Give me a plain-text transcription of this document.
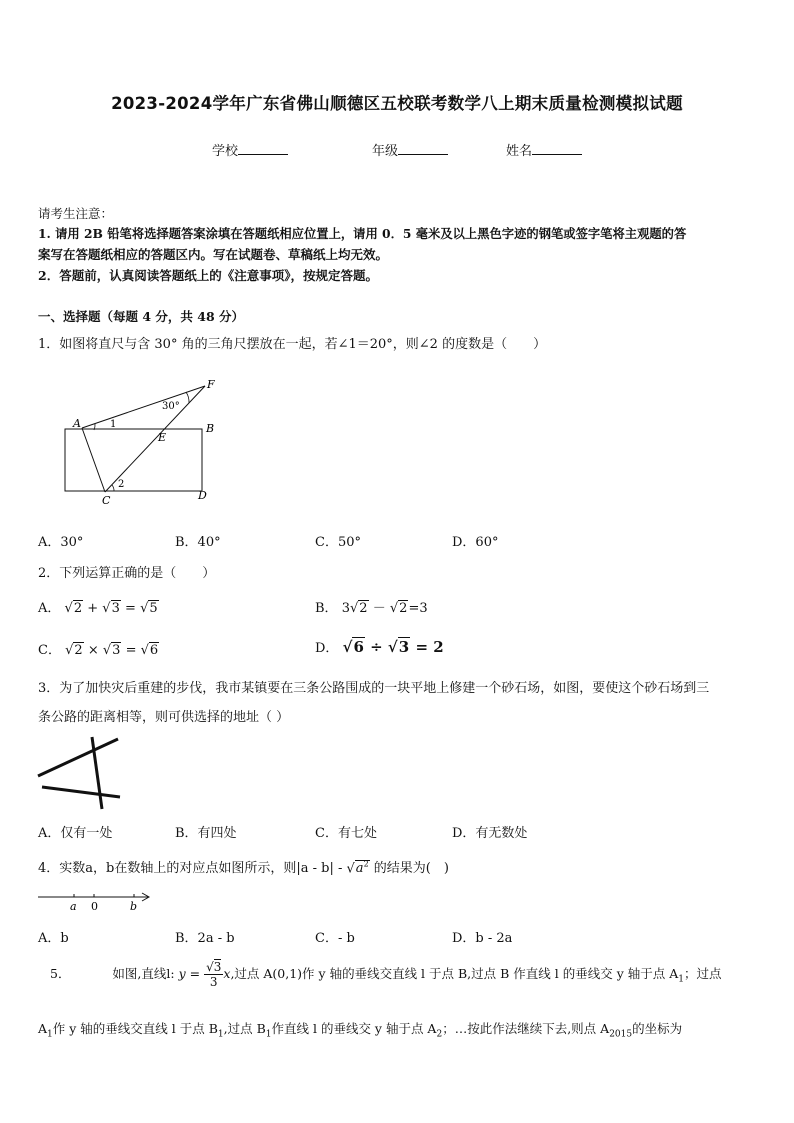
2023-2024学年广东省佛山顺德区五校联考数学八上期末质量检测模拟试题
学校	年级	姓名
请考生注意：
1. 请用 2B 铅笔将选择题答案涂填在答题纸相应位置上，请用 0．5 毫米及以上黑色字迹的钢笔或签字笔将主观题的答
案写在答题纸相应的答题区内。写在试题卷、草稿纸上均无效。
2．答题前，认真阅读答题纸上的《注意事项》，按规定答题。
一、选择题（每题 4 分，共 48 分）
1．如图将直尺与含 30° 角的三角尺摆放在一起，若∠1＝20°，则∠2 的度数是（　　）
A	B
C	D
E
F
1
2
30°
A．30°	B．40°	C．50°	D．60°
2．下列运算正确的是（　　）
A． √2 + √3 = √5	B． 3√2 － √2=3
C． √2 × √3 = √6	D． √6 ÷ √3 = 2
3．为了加快灾后重建的步伐，我市某镇要在三条公路围成的一块平地上修建一个砂石场，如图，要使这个砂石场到三
条公路的距离相等，则可供选择的地址（ ）
A．仅有一处	B．有四处	C．有七处	D．有无数处
4．实数a，b在数轴上的对应点如图所示，则$|a - b| - √a^2$ 的结果为(　)
a 0	b
A．b	B．2a - b	C．- b	D．b - 2a
5．	如图,直线l: $y = \frac{√3}{3} x$,过点 A(0,1)作 y 轴的垂线交直线 l 于点 B,过点 B 作直线 l 的垂线交 y 轴于点 $A_1$；过点
$A_1$作 y 轴的垂线交直线 l 于点 $B_1$,过点 $B_1$作直线 l 的垂线交 y 轴于点 $A_2$；…按此作法继续下去,则点 $A_{2015}$的坐标为
